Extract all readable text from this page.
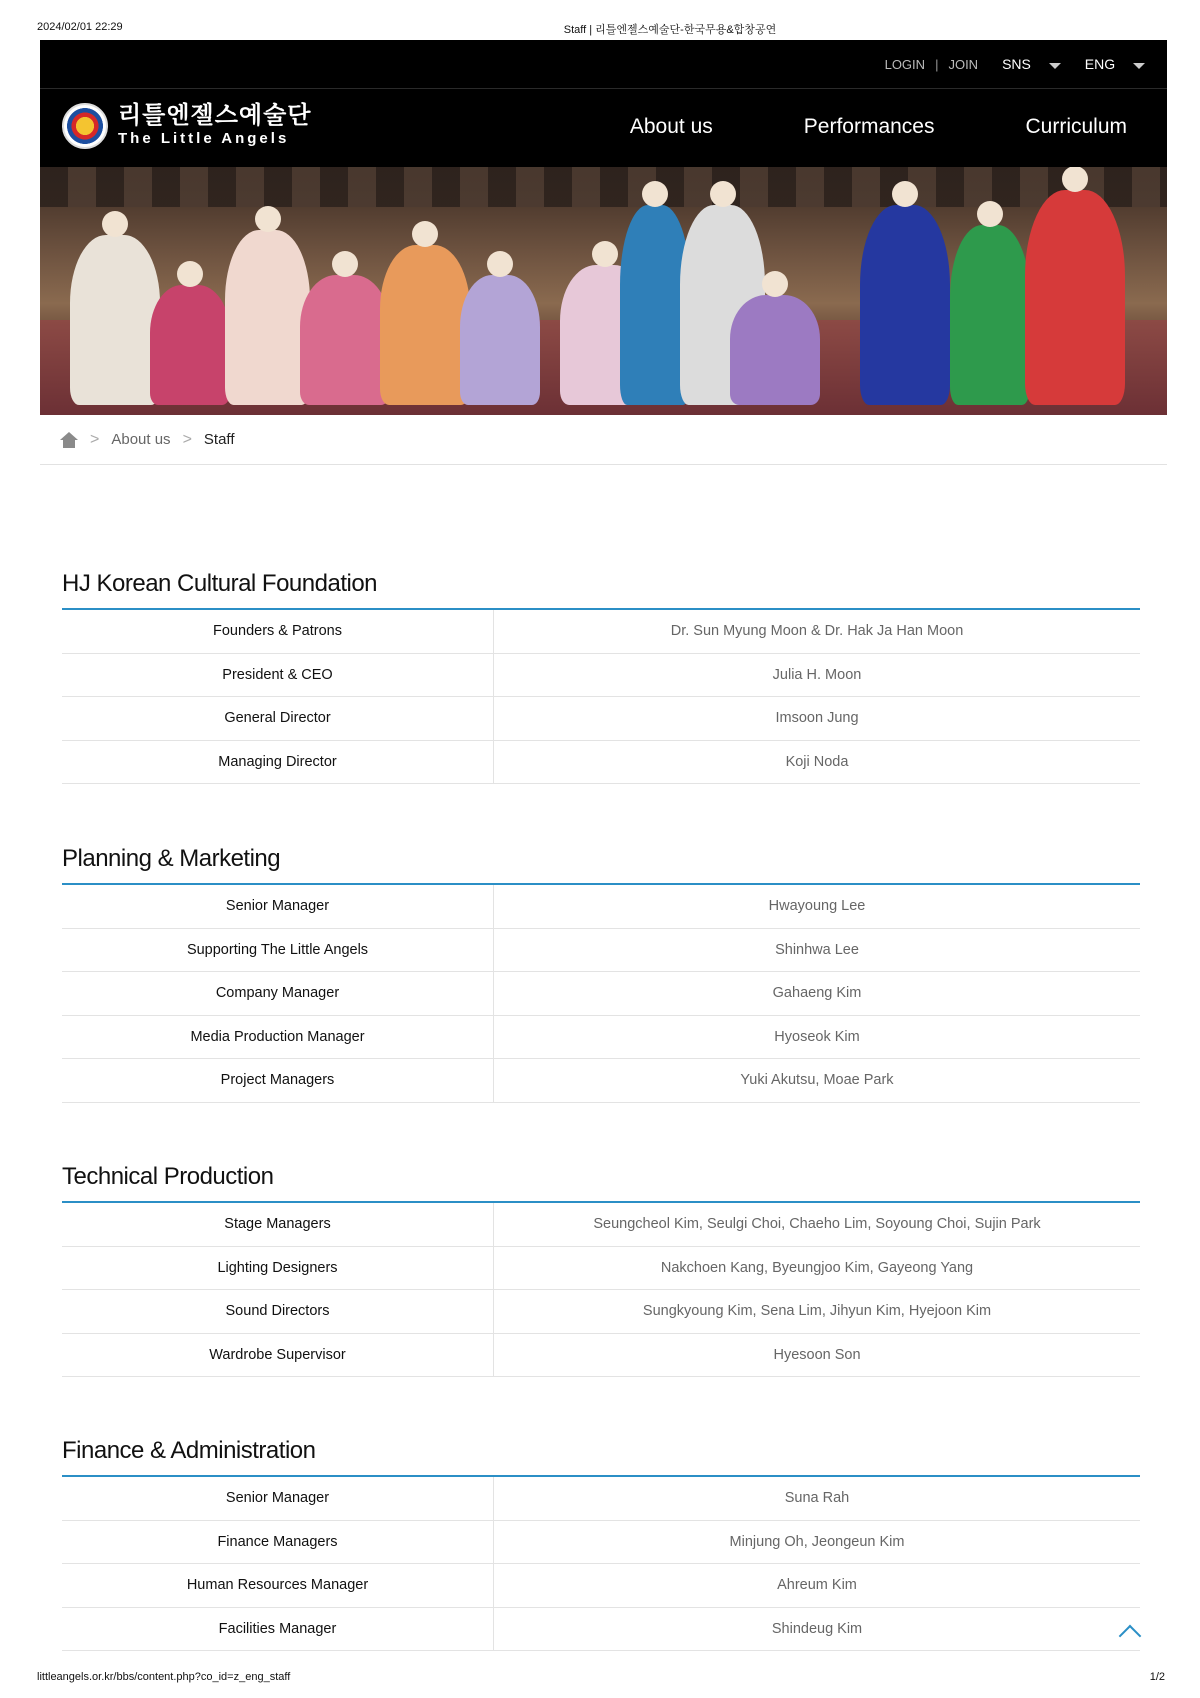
2024/02/01 22:29	Staff | 리틀엔젤스예술단-한국무용&합창공연
LOGIN | JOIN SNS	ENG
리틀엔젤스예술단
The Little Angels
About us	Performances	Curriculum
> About us > Staff
HJ Korean Cultural Foundation
Founders & Patrons	Dr. Sun Myung Moon & Dr. Hak Ja Han Moon
President & CEO	Julia H. Moon
General Director	Imsoon Jung
Managing Director	Koji Noda
Planning & Marketing
Senior Manager	Hwayoung Lee
Supporting The Little Angels	Shinhwa Lee
Company Manager	Gahaeng Kim
Media Production Manager	Hyoseok Kim
Project Managers	Yuki Akutsu, Moae Park
Technical Production
Stage Managers	Seungcheol Kim, Seulgi Choi, Chaeho Lim, Soyoung Choi, Sujin Park
Lighting Designers	Nakchoen Kang, Byeungjoo Kim, Gayeong Yang
Sound Directors	Sungkyoung Kim, Sena Lim, Jihyun Kim, Hyejoon Kim
Wardrobe Supervisor	Hyesoon Son
Finance & Administration
Senior Manager	Suna Rah
Finance Managers	Minjung Oh, Jeongeun Kim
Human Resources Manager	Ahreum Kim
Facilities Manager	Shindeug Kim
littleangels.or.kr/bbs/content.php?co_id=z_eng_staff	1/2
